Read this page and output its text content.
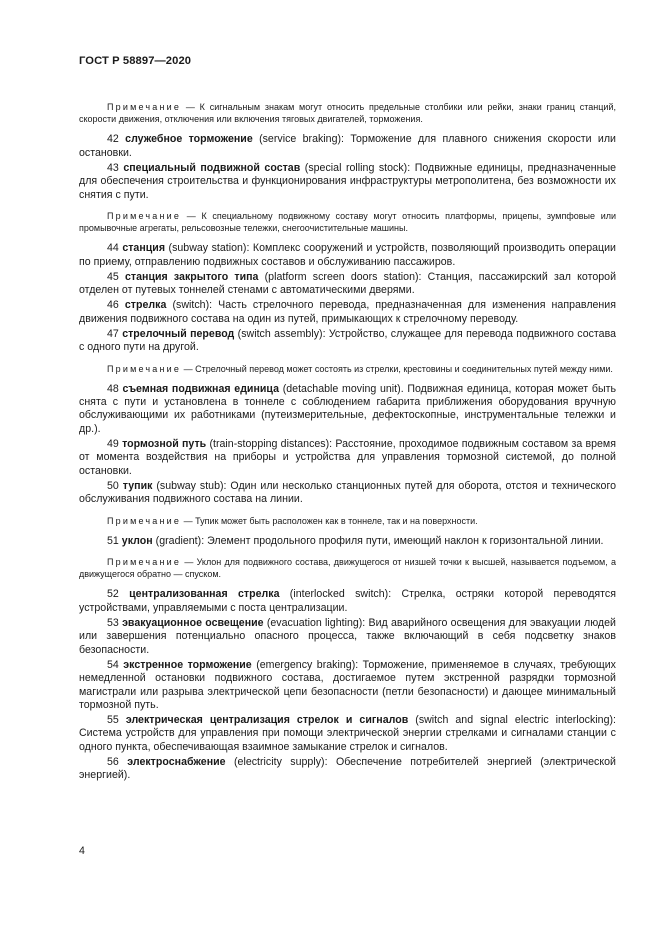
ГОСТ Р 58897—2020

Примечание — К сигнальным знакам могут относить предельные столбики или рейки, знаки границ станций, скорости движения, отключения или включения тяговых двигателей, торможения.

42 служебное торможение (service braking): Торможение для плавного снижения скорости или остановки.

43 специальный подвижной состав (special rolling stock): Подвижные единицы, предназначенные для обеспечения строительства и функционирования инфраструктуры метрополитена, без возможности их снятия с пути.

Примечание — К специальному подвижному составу могут относить платформы, прицепы, зумпфовые или промывочные агрегаты, рельсовозные тележки, снегоочистительные машины.

44 станция (subway station): Комплекс сооружений и устройств, позволяющий производить операции по приему, отправлению подвижных составов и обслуживанию пассажиров.

45 станция закрытого типа (platform screen doors station): Станция, пассажирский зал которой отделен от путевых тоннелей стенами с автоматическими дверями.

46 стрелка (switch): Часть стрелочного перевода, предназначенная для изменения направления движения подвижного состава на один из путей, примыкающих к стрелочному переводу.

47 стрелочный перевод (switch assembly): Устройство, служащее для перевода подвижного состава с одного пути на другой.

Примечание — Стрелочный перевод может состоять из стрелки, крестовины и соединительных путей между ними.

48 съемная подвижная единица (detachable moving unit). Подвижная единица, которая может быть снята с пути и установлена в тоннеле с соблюдением габарита приближения оборудования вручную обслуживающими их работниками (путеизмерительные, дефектоскопные, инструментальные тележки и др.).

49 тормозной путь (train-stopping distances): Расстояние, проходимое подвижным составом за время от момента воздействия на приборы и устройства для управления тормозной системой, до полной остановки.

50 тупик (subway stub): Один или несколько станционных путей для оборота, отстоя и технического обслуживания подвижного состава на линии.

Примечание — Тупик может быть расположен как в тоннеле, так и на поверхности.

51 уклон (gradient): Элемент продольного профиля пути, имеющий наклон к горизонтальной линии.

Примечание — Уклон для подвижного состава, движущегося от низшей точки к высшей, называется подъемом, а движущегося обратно — спуском.

52 централизованная стрелка (interlocked switch): Стрелка, остряки которой переводятся устройствами, управляемыми с поста централизации.

53 эвакуационное освещение (evacuation lighting): Вид аварийного освещения для эвакуации людей или завершения потенциально опасного процесса, также включающий в себя подсветку знаков безопасности.

54 экстренное торможение (emergency braking): Торможение, применяемое в случаях, требующих немедленной остановки подвижного состава, достигаемое путем экстренной разрядки тормозной магистрали или разрыва электрической цепи безопасности (петли безопасности) и дающее минимальный тормозной путь.

55 электрическая централизация стрелок и сигналов (switch and signal electric interlocking): Система устройств для управления при помощи электрической энергии стрелками и сигналами станции с одного пункта, обеспечивающая взаимное замыкание стрелок и сигналов.

56 электроснабжение (electricity supply): Обеспечение потребителей энергией (электрической энергией).

4
